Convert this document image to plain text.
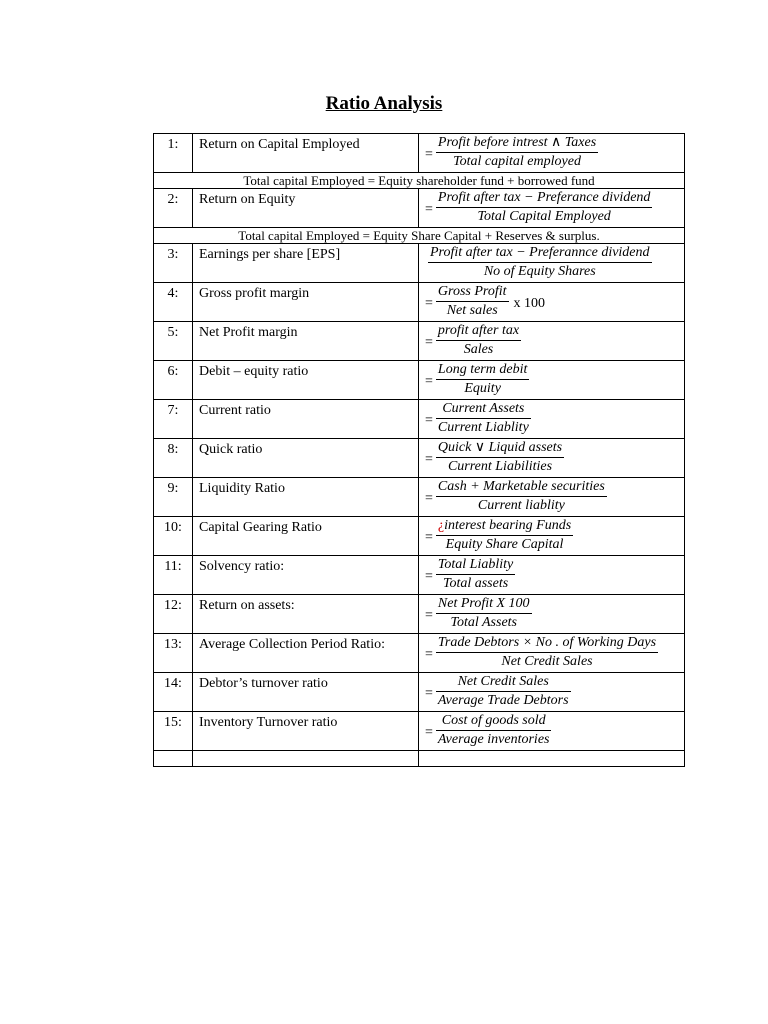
Ratio Analysis
1:	Return on Capital Employed	= $\frac{\text{Profit before intrest ∧ Taxes}}{\text{Total capital employed}}$

Total capital Employed = Equity shareholder fund + borrowed fund		
2:	Return on Equity	= $\frac{\text{Profit after tax − Preferance dividend}}{\text{Total Capital Employed}}$

Total capital Employed = Equity Share Capital + Reserves & surplus.		
3:	Earnings per share [EPS]	$\frac{\text{Profit after tax − Preferannce dividend}}{\text{No of Equity Shares}}$

4:	Gross profit margin	= $\frac{\text{Gross Profit}}{\text{Net sales}}$ x 100

5:	Net Profit margin	= $\frac{\text{profit after tax}}{\text{Sales}}$

6:	Debit – equity ratio	= $\frac{\text{Long term debit}}{\text{Equity}}$

7:	Current ratio	= $\frac{\text{Current Assets}}{\text{Current Liablity}}$

8:	Quick ratio	= $\frac{\text{Quick ∨ Liquid assets}}{\text{Current Liabilities}}$

9:	Liquidity Ratio	= $\frac{\text{Cash + Marketable securities}}{\text{Current liablity}}$

10:	Capital Gearing Ratio	= $\frac{\text{¿interest bearing Funds}}{\text{Equity Share Capital}}$

11:	Solvency ratio:	= $\frac{\text{Total Liablity}}{\text{Total assets}}$

12:	Return on assets:	= $\frac{\text{Net Profit X 100}}{\text{Total Assets}}$

13:	Average Collection Period Ratio:	= $\frac{\text{Trade Debtors × No . of Working Days}}{\text{Net Credit Sales}}$

14:	Debtor’s turnover ratio	= $\frac{\text{Net Credit Sales}}{\text{Average Trade Debtors}}$

15:	Inventory Turnover ratio	= $\frac{\text{Cost of goods sold}}{\text{Average inventories}}$
